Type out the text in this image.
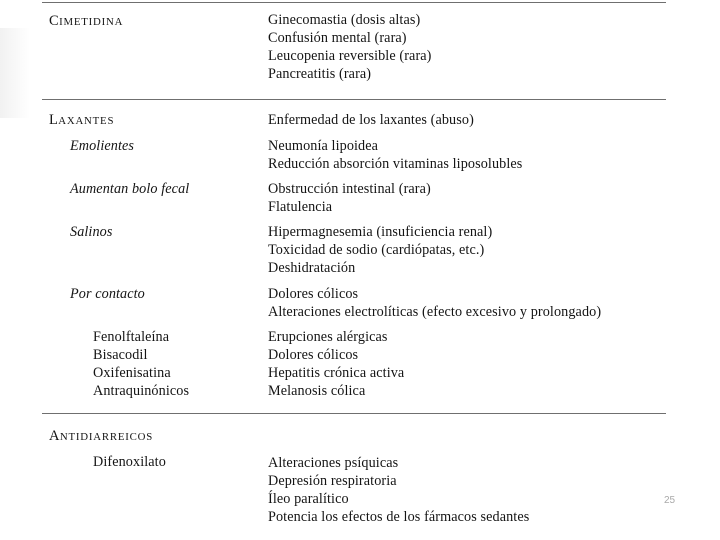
CIMETIDINA	Ginecomastia (dosis altas)
Confusión mental (rara)
Leucopenia reversible (rara)
Pancreatitis (rara)
LAXANTES	Enfermedad de los laxantes (abuso)
Emolientes	Neumonía lipoidea
Reducción absorción vitaminas liposolubles
Aumentan bolo fecal	Obstrucción intestinal (rara)
Flatulencia
Salinos	Hipermagnesemia (insuficiencia renal)
Toxicidad de sodio (cardiópatas, etc.)
Deshidratación
Por contacto	Dolores cólicos
Alteraciones electrolíticas (efecto excesivo y prolongado)
Fenolftaleína	Erupciones alérgicas
Bisacodil	Dolores cólicos
Oxifenisatina	Hepatitis crónica activa
Antraquinónicos	Melanosis cólica
ANTIDIARREICOS
Difenoxilato	Alteraciones psíquicas
Depresión respiratoria
Íleo paralítico
Potencia los efectos de los fármacos sedantes
25
